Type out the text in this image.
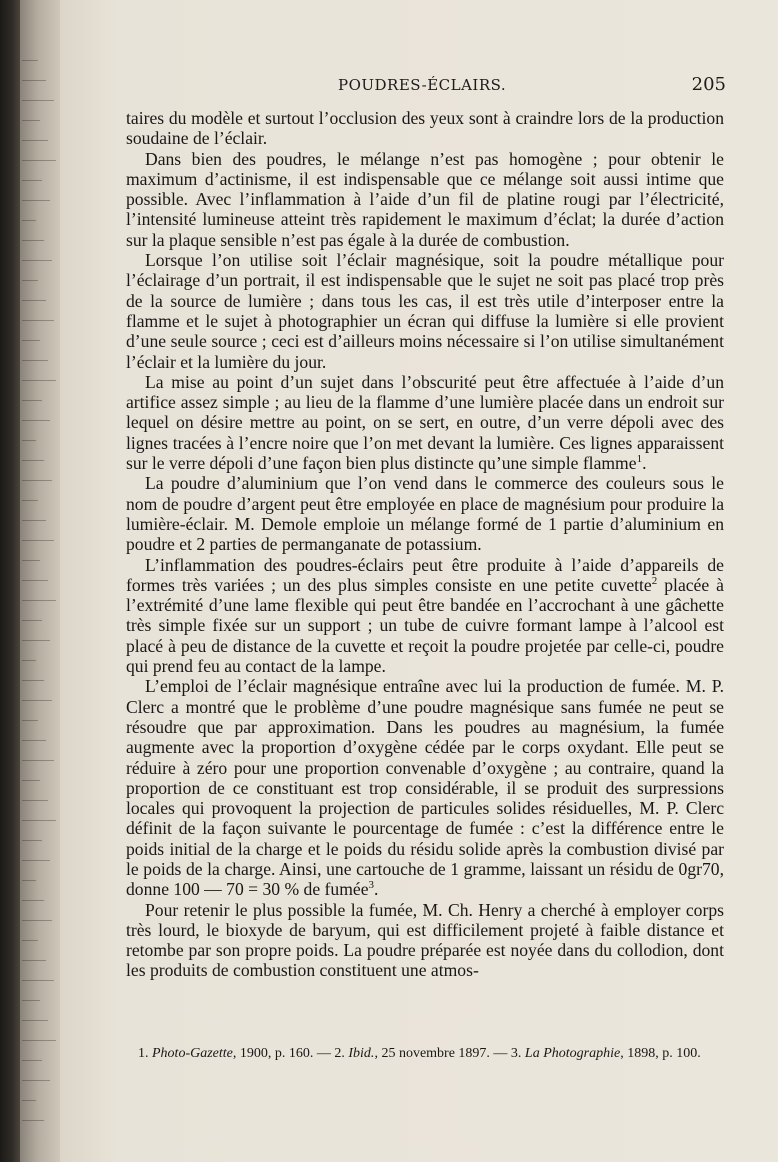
POUDRES-ÉCLAIRS.	205

taires du modèle et surtout l’occlusion des yeux sont à craindre lors de la production soudaine de l’éclair.

Dans bien des poudres, le mélange n’est pas homogène ; pour obtenir le maximum d’actinisme, il est indispensable que ce mélange soit aussi intime que possible. Avec l’inflammation à l’aide d’un fil de platine rougi par l’électricité, l’intensité lumineuse atteint très rapidement le maximum d’éclat; la durée d’action sur la plaque sensible n’est pas égale à la durée de combustion.

Lorsque l’on utilise soit l’éclair magnésique, soit la poudre métallique pour l’éclairage d’un portrait, il est indispensable que le sujet ne soit pas placé trop près de la source de lumière ; dans tous les cas, il est très utile d’interposer entre la flamme et le sujet à photographier un écran qui diffuse la lumière si elle provient d’une seule source ; ceci est d’ailleurs moins nécessaire si l’on utilise simultanément l’éclair et la lumière du jour.

La mise au point d’un sujet dans l’obscurité peut être affectuée à l’aide d’un artifice assez simple ; au lieu de la flamme d’une lumière placée dans un endroit sur lequel on désire mettre au point, on se sert, en outre, d’un verre dépoli avec des lignes tracées à l’encre noire que l’on met devant la lumière. Ces lignes apparaissent sur le verre dépoli d’une façon bien plus distincte qu’une simple flamme$^1$.

La poudre d’aluminium que l’on vend dans le commerce des couleurs sous le nom de poudre d’argent peut être employée en place de magnésium pour produire la lumière-éclair. M. Demole emploie un mélange formé de 1 partie d’aluminium en poudre et 2 parties de permanganate de potassium.

L’inflammation des poudres-éclairs peut être produite à l’aide d’appareils de formes très variées ; un des plus simples consiste en une petite cuvette$^2$ placée à l’extrémité d’une lame flexible qui peut être bandée en l’accrochant à une gâchette très simple fixée sur un support ; un tube de cuivre formant lampe à l’alcool est placé à peu de distance de la cuvette et reçoit la poudre projetée par celle-ci, poudre qui prend feu au contact de la lampe.

L’emploi de l’éclair magnésique entraîne avec lui la production de fumée. M. P. Clerc a montré que le problème d’une poudre magnésique sans fumée ne peut se résoudre que par approximation. Dans les poudres au magnésium, la fumée augmente avec la proportion d’oxygène cédée par le corps oxydant. Elle peut se réduire à zéro pour une proportion convenable d’oxygène ; au contraire, quand la proportion de ce constituant est trop considérable, il se produit des surpressions locales qui provoquent la projection de particules solides résiduelles, M. P. Clerc définit de la façon suivante le pourcentage de fumée : c’est la différence entre le poids initial de la charge et le poids du résidu solide après la combustion divisé par le poids de la charge. Ainsi, une cartouche de 1 gramme, laissant un résidu de 0gr70, donne 100 — 70 = 30 % de fumée$^3$.

Pour retenir le plus possible la fumée, M. Ch. Henry a cherché à employer corps très lourd, le bioxyde de baryum, qui est difficilement projeté à faible distance et retombe par son propre poids. La poudre préparée est noyée dans du collodion, dont les produits de combustion constituent une atmos-

1. Photo-Gazette, 1900, p. 160. — 2. Ibid., 25 novembre 1897. — 3. La Photographie, 1898, p. 100.
